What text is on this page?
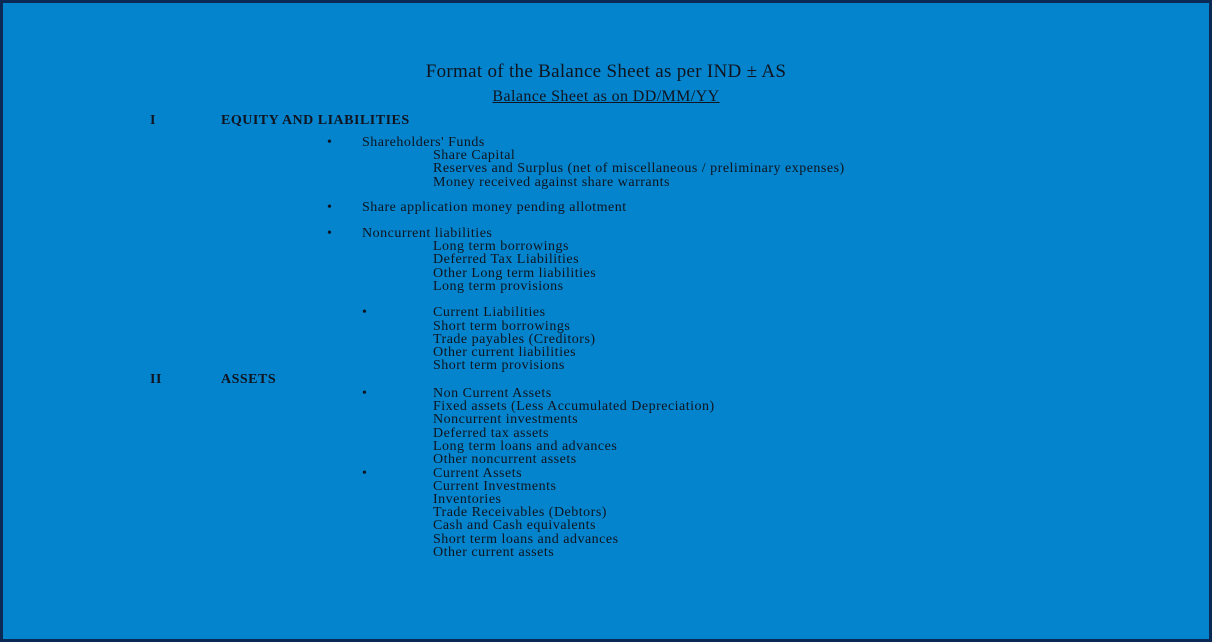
Format of the Balance Sheet as per IND ± AS
Balance Sheet as on DD/MM/YY
I	EQUITY AND LIABILITIES
• Shareholders' Funds
Share Capital
Reserves and Surplus (net of miscellaneous / preliminary expenses)
Money received against share warrants
• Share application money pending allotment
• Noncurrent liabilities
Long term borrowings
Deferred Tax Liabilities
Other Long term liabilities
Long term provisions
•	Current Liabilities
Short term borrowings
Trade payables (Creditors)
Other current liabilities
Short term provisions
II	ASSETS
•	Non Current Assets
Fixed assets (Less Accumulated Depreciation)
Noncurrent investments
Deferred tax assets
Long term loans and advances
Other noncurrent assets
•	Current Assets
Current Investments
Inventories
Trade Receivables (Debtors)
Cash and Cash equivalents
Short term loans and advances
Other current assets
